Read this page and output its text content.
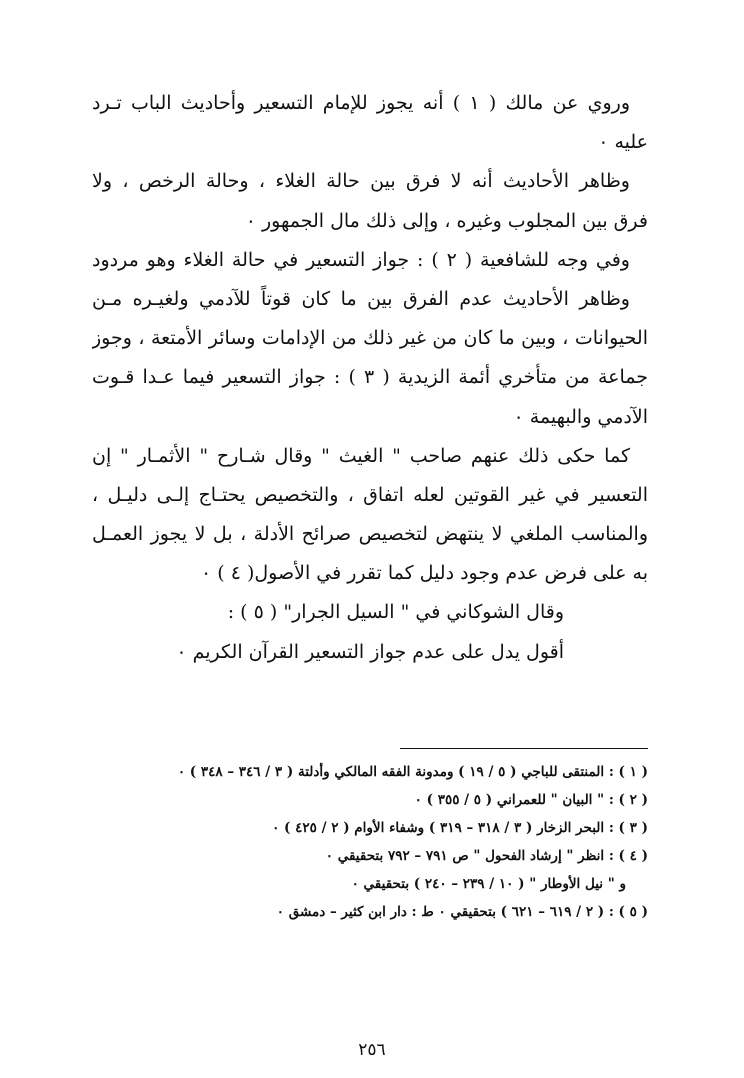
وروي عن مالك ( ١ ) أنه يجوز للإمام التسعير وأحاديث الباب تـرد
عليه ٠
وظاهر الأحاديث أنه لا فرق بين حالة الغلاء ، وحالة الرخص ، ولا
فرق بين المجلوب وغيره ، وإلى ذلك مال الجمهور ٠
وفي وجه للشافعية ( ٢ ) : جواز التسعير في حالة الغلاء وهو مردود
وظاهر الأحاديث عدم الفرق بين ما كان قوتاً للآدمي ولغيـره مـن
الحيوانات ، وبين ما كان من غير ذلك من الإدامات وسائر الأمتعة ، وجوز
جماعة من متأخري أئمة الزيدية ( ٣ ) : جواز التسعير فيما عـدا قـوت
الآدمي والبهيمة ٠
كما حكى ذلك عنهم صاحب " الغيث " وقال شـارح " الأثمـار " إن
التعسير في غير القوتين لعله اتفاق ، والتخصيص يحتـاج إلـى دليـل ،
والمناسب الملغي لا ينتهض لتخصيص صرائح الأدلة ، بل لا يجوز العمـل
به على فرض عدم وجود دليل كما تقرر في الأصول( ٤ ) ٠
وقال الشوكاني في " السيل الجرار" ( ٥ ) :
أقول يدل على عدم جواز التسعير القرآن الكريم ٠
( ١ ) : المنتقى للباجي ( ٥ / ١٩ ) ومدونة الفقه المالكي وأدلتة ( ٣ / ٣٤٦ – ٣٤٨ ) ٠
( ٢ ) : " البيان " للعمراني ( ٥ / ٣٥٥ ) ٠
( ٣ ) : البحر الزخار ( ٣ / ٣١٨ – ٣١٩ ) وشفاء الأوام ( ٢ / ٤٢٥ ) ٠
( ٤ ) : انظر " إرشاد الفحول " ص ٧٩١ – ٧٩٢ بتحقيقي ٠
و " نيل الأوطار " ( ١٠ / ٢٣٩ – ٢٤٠ ) بتحقيقي ٠
( ٥ ) : ( ٢ / ٦١٩ – ٦٢١ ) بتحقيقي ٠ ط : دار ابن كثير – دمشق ٠
٢٥٦
